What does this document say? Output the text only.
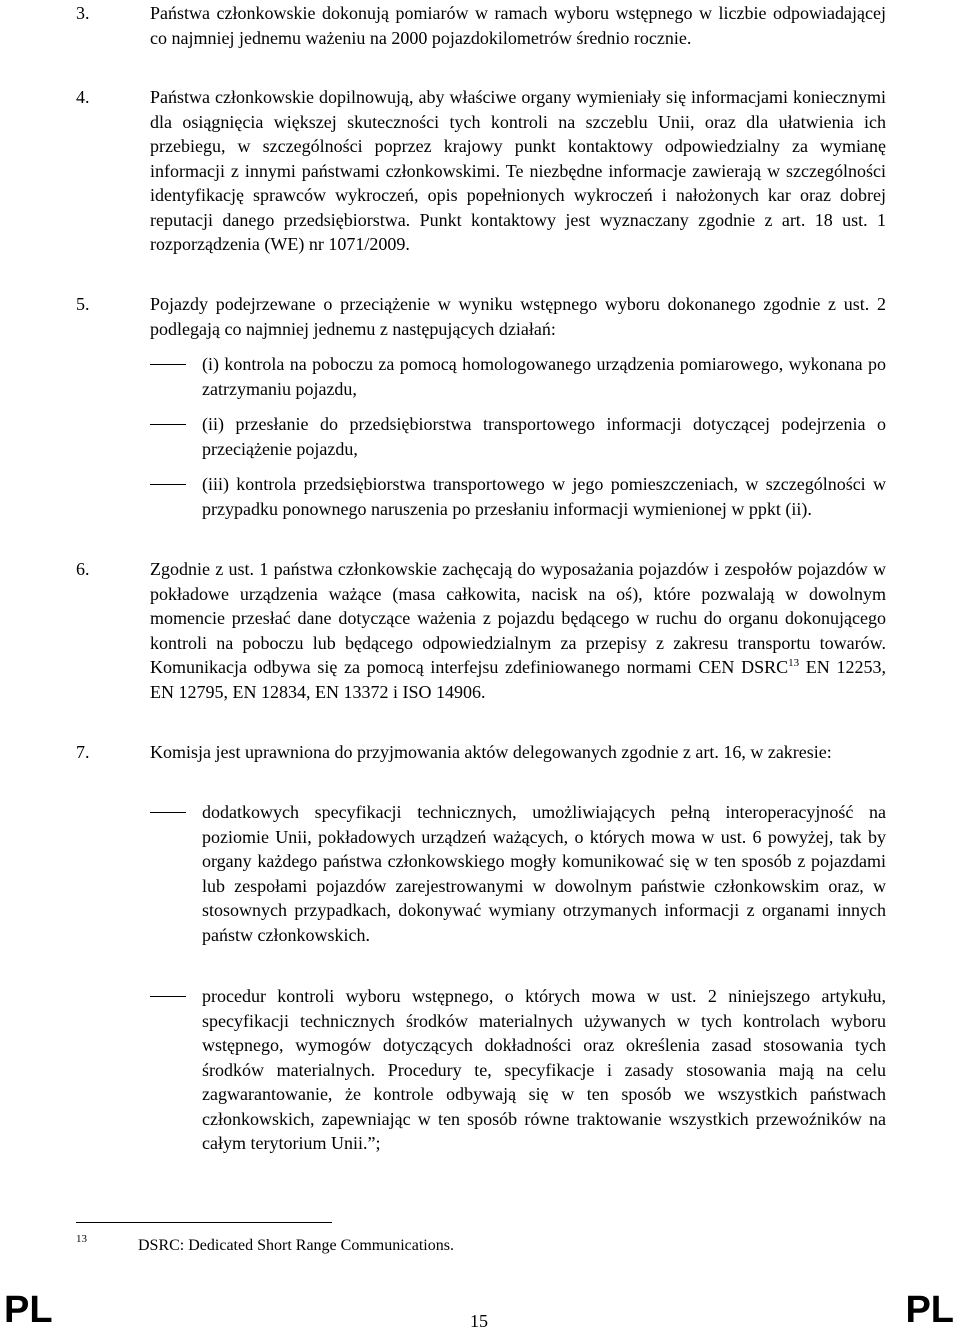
3.	Państwa członkowskie dokonują pomiarów w ramach wyboru wstępnego w liczbie odpowiadającej co najmniej jednemu ważeniu na 2000 pojazdokilometrów średnio rocznie.
4.	Państwa członkowskie dopilnowują, aby właściwe organy wymieniały się informacjami koniecznymi dla osiągnięcia większej skuteczności tych kontroli na szczeblu Unii, oraz dla ułatwienia ich przebiegu, w szczególności poprzez krajowy punkt kontaktowy odpowiedzialny za wymianę informacji z innymi państwami członkowskimi. Te niezbędne informacje zawierają w szczególności identyfikację sprawców wykroczeń, opis popełnionych wykroczeń i nałożonych kar oraz dobrej reputacji danego przedsiębiorstwa. Punkt kontaktowy jest wyznaczany zgodnie z art. 18 ust. 1 rozporządzenia (WE) nr 1071/2009.
5.	Pojazdy podejrzewane o przeciążenie w wyniku wstępnego wyboru dokonanego zgodnie z ust. 2 podlegają co najmniej jednemu z następujących działań:
(i) kontrola na poboczu za pomocą homologowanego urządzenia pomiarowego, wykonana po zatrzymaniu pojazdu,
(ii) przesłanie do przedsiębiorstwa transportowego informacji dotyczącej podejrzenia o przeciążenie pojazdu,
(iii) kontrola przedsiębiorstwa transportowego w jego pomieszczeniach, w szczególności w przypadku ponownego naruszenia po przesłaniu informacji wymienionej w ppkt (ii).
6.	Zgodnie z ust. 1 państwa członkowskie zachęcają do wyposażania pojazdów i zespołów pojazdów w pokładowe urządzenia ważące (masa całkowita, nacisk na oś), które pozwalają w dowolnym momencie przesłać dane dotyczące ważenia z pojazdu będącego w ruchu do organu dokonującego kontroli na poboczu lub będącego odpowiedzialnym za przepisy z zakresu transportu towarów. Komunikacja odbywa się za pomocą interfejsu zdefiniowanego normami CEN DSRC$^{13}$ EN 12253, EN 12795, EN 12834, EN 13372 i ISO 14906.
7.	Komisja jest uprawniona do przyjmowania aktów delegowanych zgodnie z art. 16, w zakresie:
dodatkowych specyfikacji technicznych, umożliwiających pełną interoperacyjność na poziomie Unii, pokładowych urządzeń ważących, o których mowa w ust. 6 powyżej, tak by organy każdego państwa członkowskiego mogły komunikować się w ten sposób z pojazdami lub zespołami pojazdów zarejestrowanymi w dowolnym państwie członkowskim oraz, w stosownych przypadkach, dokonywać wymiany otrzymanych informacji z organami innych państw członkowskich.
procedur kontroli wyboru wstępnego, o których mowa w ust. 2 niniejszego artykułu, specyfikacji technicznych środków materialnych używanych w tych kontrolach wyboru wstępnego, wymogów dotyczących dokładności oraz określenia zasad stosowania tych środków materialnych. Procedury te, specyfikacje i zasady stosowania mają na celu zagwarantowanie, że kontrole odbywają się w ten sposób we wszystkich państwach członkowskich, zapewniając w ten sposób równe traktowanie wszystkich przewoźników na całym terytorium Unii.”;
13	DSRC: Dedicated Short Range Communications.
PL	15	PL
